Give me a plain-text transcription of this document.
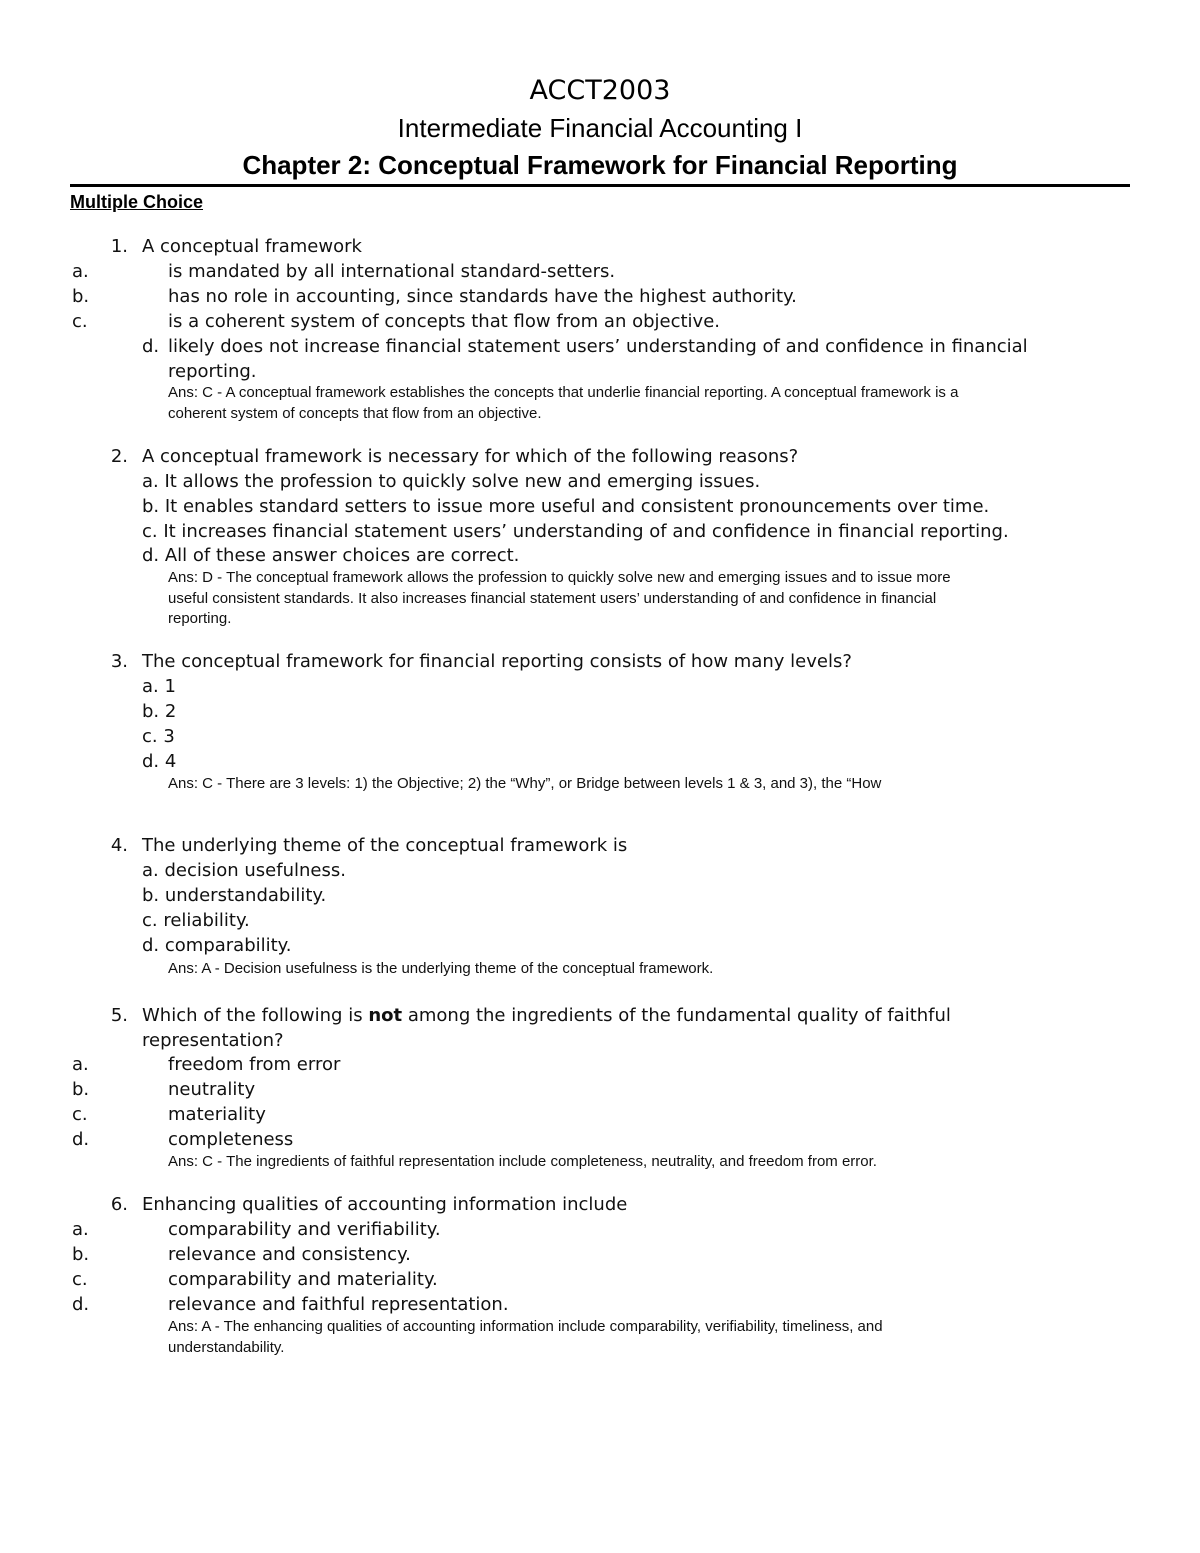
ACCT2003
Intermediate Financial Accounting I
Chapter 2: Conceptual Framework for Financial Reporting
Multiple Choice
1. A conceptual framework
a.	is mandated by all international standard-setters.
b.	has no role in accounting, since standards have the highest authority.
c.	is a coherent system of concepts that flow from an objective.
d. likely does not increase financial statement users’ understanding of and confidence in financial
reporting.
Ans: C - A conceptual framework establishes the concepts that underlie financial reporting. A conceptual framework is a
coherent system of concepts that flow from an objective.
2. A conceptual framework is necessary for which of the following reasons?
a. It allows the profession to quickly solve new and emerging issues.
b. It enables standard setters to issue more useful and consistent pronouncements over time.
c. It increases financial statement users’ understanding of and confidence in financial reporting.
d. All of these answer choices are correct.
Ans: D - The conceptual framework allows the profession to quickly solve new and emerging issues and to issue more
useful consistent standards. It also increases financial statement users’ understanding of and confidence in financial
reporting.
3. The conceptual framework for financial reporting consists of how many levels?
a. 1
b. 2
c. 3
d. 4
Ans: C - There are 3 levels: 1) the Objective; 2) the “Why”, or Bridge between levels 1 & 3, and 3), the “How
4. The underlying theme of the conceptual framework is
a. decision usefulness.
b. understandability.
c. reliability.
d. comparability.
Ans: A - Decision usefulness is the underlying theme of the conceptual framework.
5. Which of the following is not among the ingredients of the fundamental quality of faithful
representation?
a.	freedom from error
b.	neutrality
c.	materiality
d.	completeness
Ans: C - The ingredients of faithful representation include completeness, neutrality, and freedom from error.
6. Enhancing qualities of accounting information include
a.	comparability and verifiability.
b.	relevance and consistency.
c.	comparability and materiality.
d.	relevance and faithful representation.
Ans: A - The enhancing qualities of accounting information include comparability, verifiability, timeliness, and
understandability.
